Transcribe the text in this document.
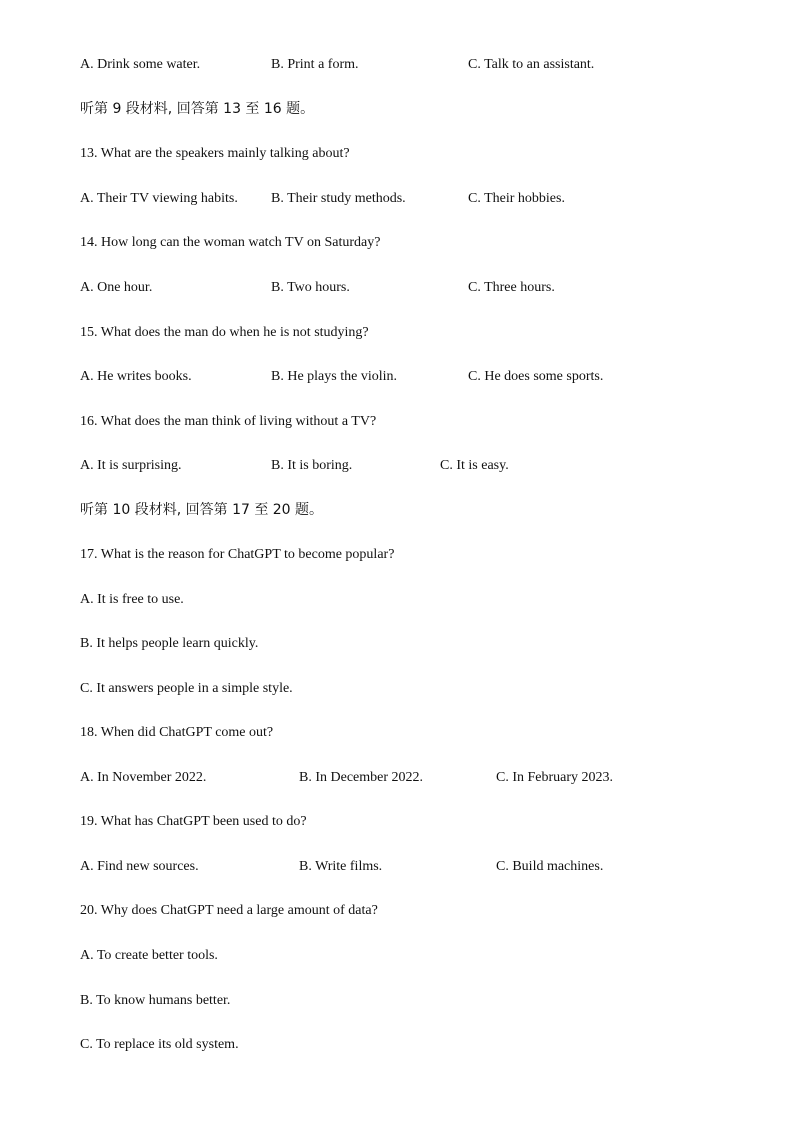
A. Drink some water.	B. Print a form.	C. Talk to an assistant.
听第 9 段材料, 回答第 13 至 16 题。
13. What are the speakers mainly talking about?
A. Their TV viewing habits. B. Their study methods.	C. Their hobbies.
14. How long can the woman watch TV on Saturday?
A. One hour.	B. Two hours.	C. Three hours.
15. What does the man do when he is not studying?
A. He writes books.	B. He plays the violin.	C. He does some sports.
16. What does the man think of living without a TV?
A. It is surprising.	B. It is boring.	C. It is easy.
听第 10 段材料, 回答第 17 至 20 题。
17. What is the reason for ChatGPT to become popular?
A. It is free to use.
B. It helps people learn quickly.
C. It answers people in a simple style.
18. When did ChatGPT come out?
A. In November 2022.	B. In December 2022.	C. In February 2023.
19. What has ChatGPT been used to do?
A. Find new sources.	B. Write films.	C. Build machines.
20. Why does ChatGPT need a large amount of data?
A. To create better tools.
B. To know humans better.
C. To replace its old system.
